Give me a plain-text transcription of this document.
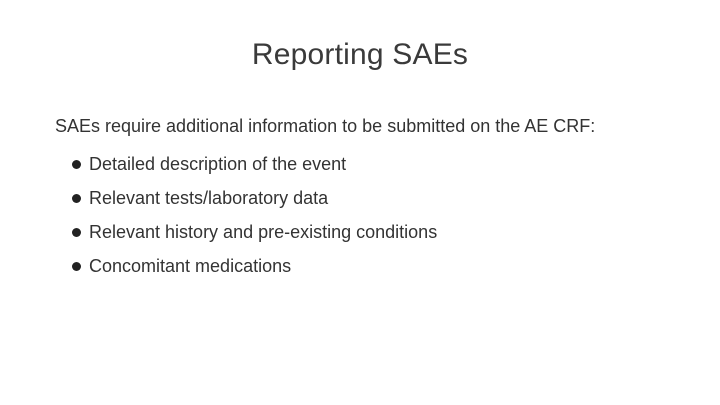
Reporting SAEs
SAEs require additional information to be submitted on the AE CRF:
Detailed description of the event
Relevant tests/laboratory data
Relevant history and pre-existing conditions
Concomitant medications
